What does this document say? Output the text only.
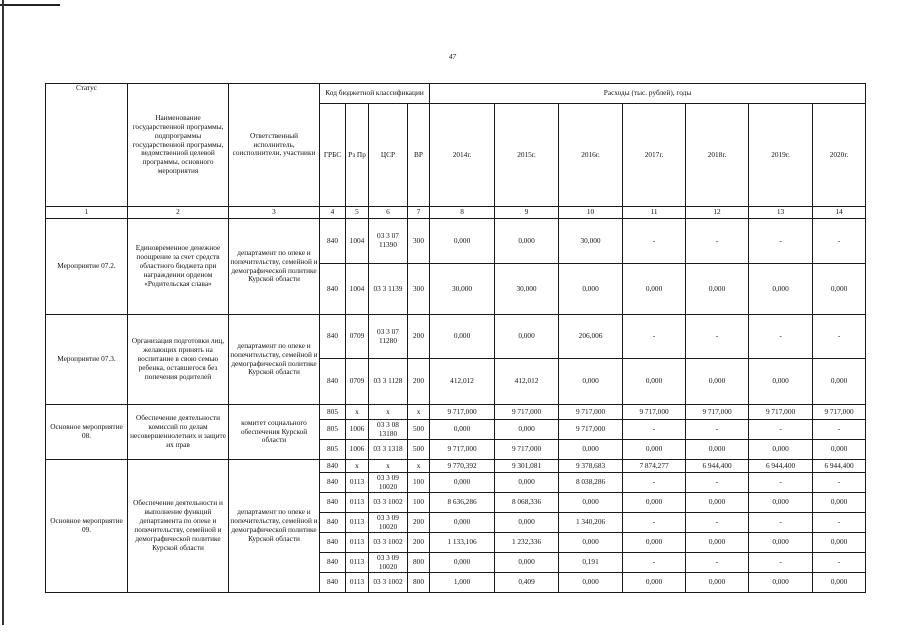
47
Статус	Наименование государственной программы, подпрограммы государственной программы, ведомственной целевой программы, основного мероприятия	Ответственный исполнитель, соисполнители, участники	Код бюджетной классификации				Расходы (тыс. рублей), годы						
			ГРБС	Рз Пр	ЦСР	ВР	2014г.	2015г.	2016г.	2017г.	2018г.	2019г.	2020г.
1	2	3	4	5	6	7	8	9	10	11	12	13	14
Мероприятие 07.2.	Единовременное денежное поощрение за счет средств областного бюджета при награждении орденом «Родительская слава»	департамент по опеке и попечительству, семейной и демографической политике Курской области	840	1004	03 3 07 11390	300	0,000	0,000	30,000	-	-	-	-
			840	1004	03 3 1139	300	30,000	30,000	0,000	0,000	0,000	0,000	0,000
Мероприятие 07.3.	Организация подготовки лиц, желающих принять на воспитание в свою семью ребенка, оставшегося без попечения родителей	департамент по опеке и попечительству, семейной и демографической политике Курской области	840	0709	03 3 07 11280	200	0,000	0,000	206,006	-	-	-	-
			840	0709	03 3 1128	200	412,012	412,012	0,000	0,000	0,000	0,000	0,000
Основное мероприятие 08.	Обеспечение деятельности комиссий по делам несовершеннолетних и защите их прав	комитет социального обеспечения Курской области	805	x	x	x	9 717,000	9 717,000	9 717,000	9 717,000	9 717,000	9 717,000	9 717,000
			805	1006	03 3 08 13180	500	0,000	0,000	9 717,000	-	-	-	-
			805	1006	03 3 1318	500	9 717,000	9 717,000	0,000	0,000	0,000	0,000	0,000
Основное мероприятие 09.	Обеспечение деятельности и выполнение функций департамента по опеке и попечительству, семейной и демографической политике Курской области	департамент по опеке и попечительству, семейной и демографической политике Курской области	840	x	x	x	9 770,392	9 301,081	9 378,683	7 874,277	6 944,400	6 944,400	6 944,400
			840	0113	03 3 09 10020	100	0,000	0,000	8 038,286	-	-	-	-
			840	0113	03 3 1002	100	8 636,286	8 068,336	0,000	0,000	0,000	0,000	0,000
			840	0113	03 3 09 10020	200	0,000	0,000	1 340,206	-	-	-	-
			840	0113	03 3 1002	200	1 133,106	1 232,336	0,000	0,000	0,000	0,000	0,000
			840	0113	03 3 09 10020	800	0,000	0,000	0,191	-	-	-	-
			840	0113	03 3 1002	800	1,000	0,409	0,000	0,000	0,000	0,000	0,000
